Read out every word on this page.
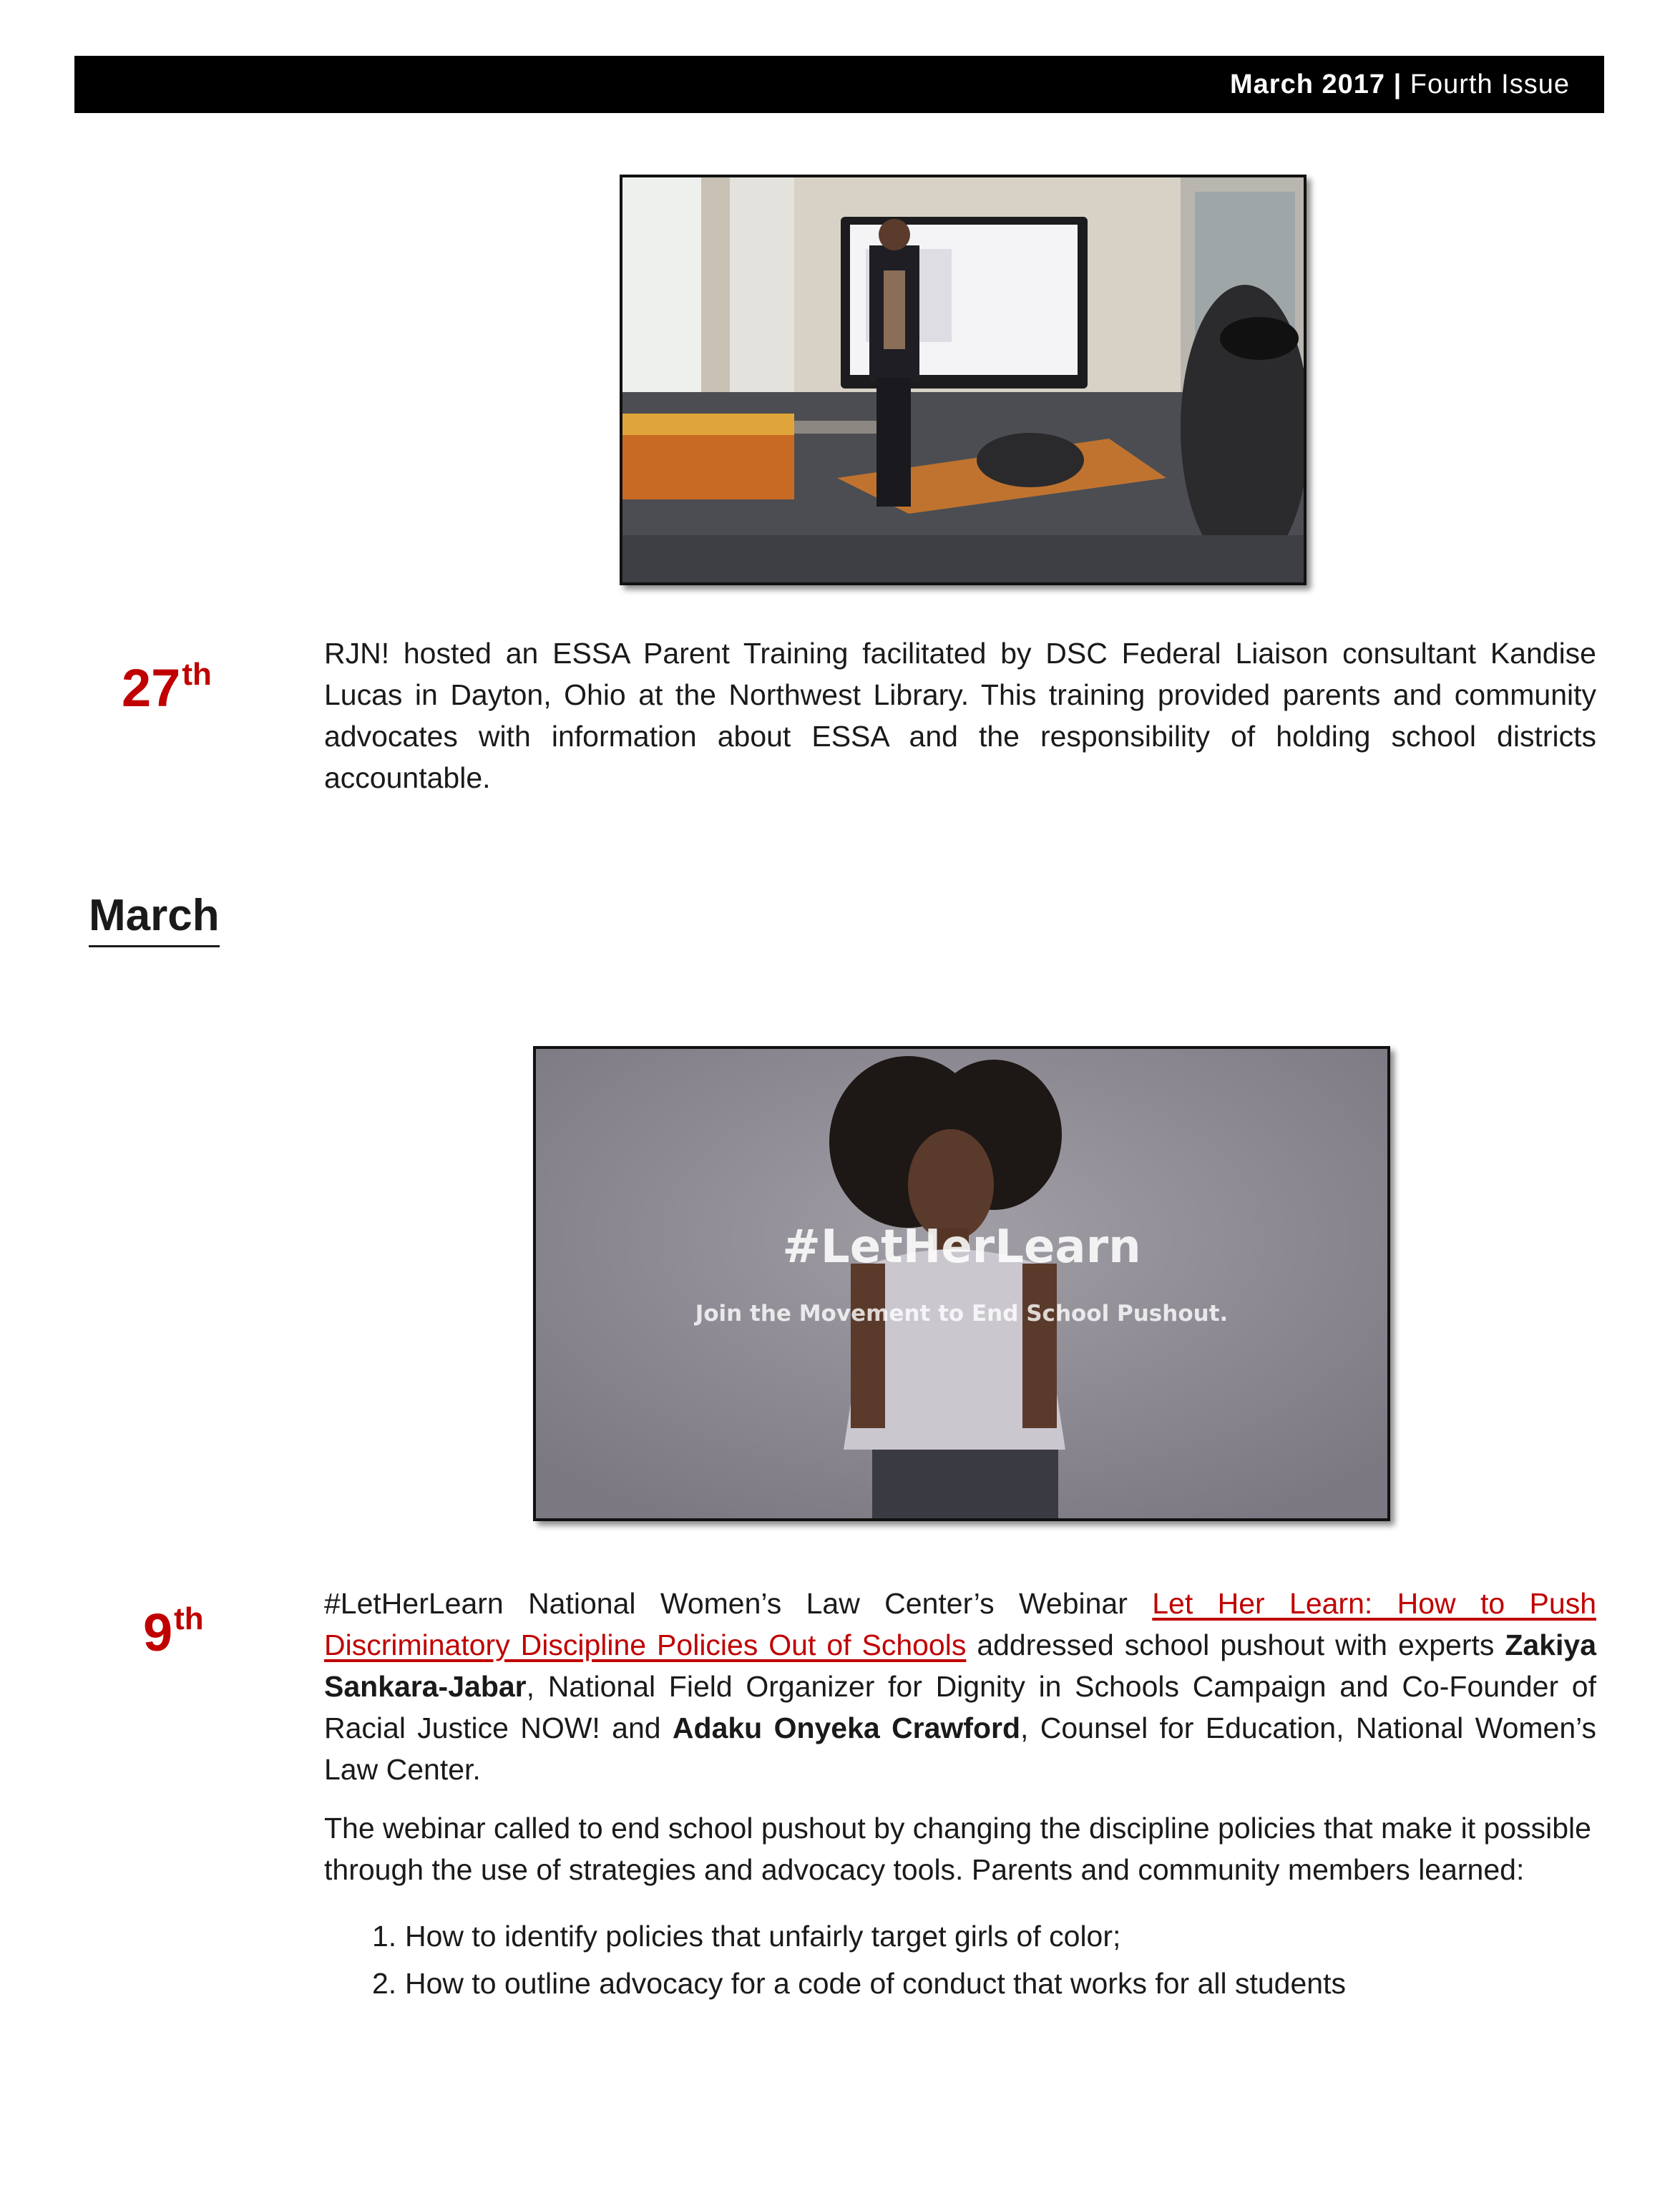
March 2017 | Fourth Issue
27th
RJN! hosted an ESSA Parent Training facilitated by DSC Federal Liaison consultant Kandise Lucas in Dayton, Ohio at the Northwest Library. This training provided parents and community advocates with information about ESSA and the responsibility of holding school districts accountable.
March
#LetHerLearn
Join the Movement to End School Pushout.
9th	#LetHerLearn National Women’s Law Center’s Webinar Let Her Learn: How to Push Discriminatory Discipline Policies Out of Schools addressed school pushout with experts Zakiya Sankara-Jabar, National Field Organizer for Dignity in Schools Campaign and Co-Founder of Racial Justice NOW! and Adaku Onyeka Crawford, Counsel for Education, National Women’s Law Center.
The webinar called to end school pushout by changing the discipline policies that make it possible through the use of strategies and advocacy tools. Parents and community members learned:
1. How to identify policies that unfairly target girls of color;
2. How to outline advocacy for a code of conduct that works for all students
